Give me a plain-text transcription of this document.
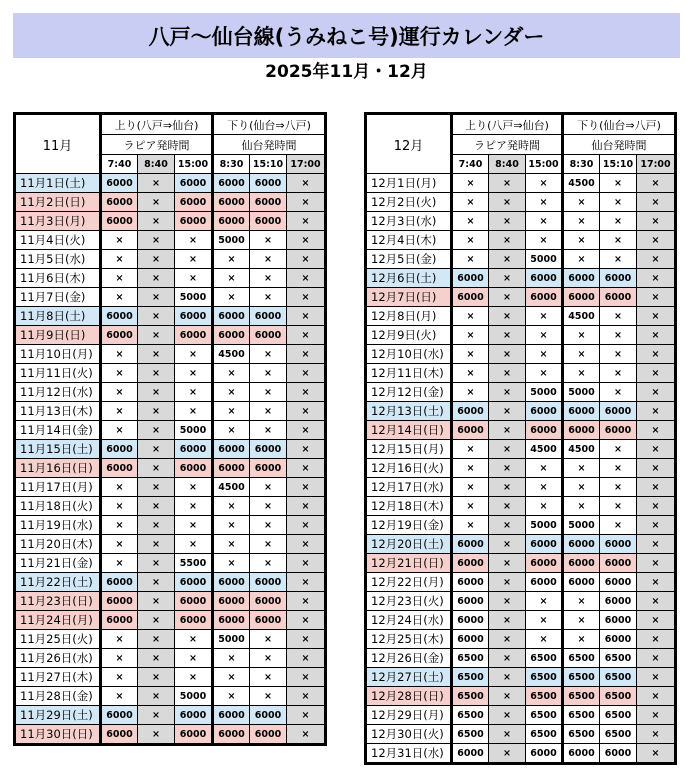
八戸～仙台線(うみねこ号)運行カレンダー
2025年11月・12月
11月	上り(八戸⇒仙台)			下り(仙台⇒八戸)		
	ラピア発時間			仙台発時間		
	7:40	8:40	15:00	8:30	15:10	17:00
11月1日(土)	6000	×	6000	6000	6000	×
11月2日(日)	6000	×	6000	6000	6000	×
11月3日(月)	6000	×	6000	6000	6000	×
11月4日(火)	×	×	×	5000	×	×
11月5日(水)	×	×	×	×	×	×
11月6日(木)	×	×	×	×	×	×
11月7日(金)	×	×	5000	×	×	×
11月8日(土)	6000	×	6000	6000	6000	×
11月9日(日)	6000	×	6000	6000	6000	×
11月10日(月)	×	×	×	4500	×	×
11月11日(火)	×	×	×	×	×	×
11月12日(水)	×	×	×	×	×	×
11月13日(木)	×	×	×	×	×	×
11月14日(金)	×	×	5000	×	×	×
11月15日(土)	6000	×	6000	6000	6000	×
11月16日(日)	6000	×	6000	6000	6000	×
11月17日(月)	×	×	×	4500	×	×
11月18日(火)	×	×	×	×	×	×
11月19日(水)	×	×	×	×	×	×
11月20日(木)	×	×	×	×	×	×
11月21日(金)	×	×	5500	×	×	×
11月22日(土)	6000	×	6000	6000	6000	×
11月23日(日)	6000	×	6000	6000	6000	×
11月24日(月)	6000	×	6000	6000	6000	×
11月25日(火)	×	×	×	5000	×	×
11月26日(水)	×	×	×	×	×	×
11月27日(木)	×	×	×	×	×	×
11月28日(金)	×	×	5000	×	×	×
11月29日(土)	6000	×	6000	6000	6000	×
11月30日(日)	6000	×	6000	6000	6000	×
12月	上り(八戸⇒仙台)			下り(仙台⇒八戸)		
	ラピア発時間			仙台発時間		
	7:40	8:40	15:00	8:30	15:10	17:00
12月1日(月)	×	×	×	4500	×	×
12月2日(火)	×	×	×	×	×	×
12月3日(水)	×	×	×	×	×	×
12月4日(木)	×	×	×	×	×	×
12月5日(金)	×	×	5000	×	×	×
12月6日(土)	6000	×	6000	6000	6000	×
12月7日(日)	6000	×	6000	6000	6000	×
12月8日(月)	×	×	×	4500	×	×
12月9日(火)	×	×	×	×	×	×
12月10日(水)	×	×	×	×	×	×
12月11日(木)	×	×	×	×	×	×
12月12日(金)	×	×	5000	5000	×	×
12月13日(土)	6000	×	6000	6000	6000	×
12月14日(日)	6000	×	6000	6000	6000	×
12月15日(月)	×	×	4500	4500	×	×
12月16日(火)	×	×	×	×	×	×
12月17日(水)	×	×	×	×	×	×
12月18日(木)	×	×	×	×	×	×
12月19日(金)	×	×	5000	5000	×	×
12月20日(土)	6000	×	6000	6000	6000	×
12月21日(日)	6000	×	6000	6000	6000	×
12月22日(月)	6000	×	6000	6000	6000	×
12月23日(火)	6000	×	×	×	6000	×
12月24日(水)	6000	×	×	×	6000	×
12月25日(木)	6000	×	×	×	6000	×
12月26日(金)	6500	×	6500	6500	6500	×
12月27日(土)	6500	×	6500	6500	6500	×
12月28日(日)	6500	×	6500	6500	6500	×
12月29日(月)	6500	×	6500	6500	6500	×
12月30日(火)	6500	×	6500	6500	6500	×
12月31日(水)	6000	×	6000	6000	6000	×
